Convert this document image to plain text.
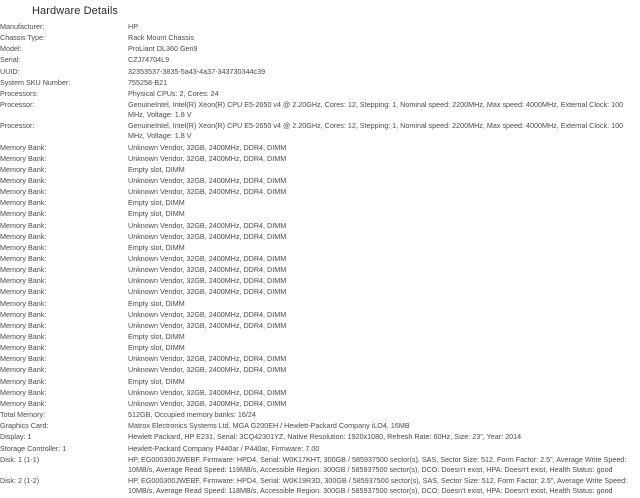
Hardware Details
Manufacturer:	HP
Chassis Type:	Rack Mount Chassis
Model:	ProLiant DL360 Gen9
Serial:	CZJ74704L9
UUID:	32353537-3835-5a43-4a37-343730344c39
System SKU Number:	755258-B21
Processors:	Physical CPUs: 2, Cores: 24
Processor:	GenuineIntel, Intel(R) Xeon(R) CPU E5-2650 v4 @ 2.20GHz, Cores: 12, Stepping: 1, Nominal speed: 2200MHz, Max speed: 4000MHz, External Clock: 100 MHz, Voltage: 1.8 V
Processor:	GenuineIntel, Intel(R) Xeon(R) CPU E5-2650 v4 @ 2.20GHz, Cores: 12, Stepping: 1, Nominal speed: 2200MHz, Max speed: 4000MHz, External Clock: 100 MHz, Voltage: 1.8 V
Memory Bank:	Unknown Vendor, 32GB, 2400MHz, DDR4, DIMM
Memory Bank:	Unknown Vendor, 32GB, 2400MHz, DDR4, DIMM
Memory Bank:	Empty slot, DIMM
Memory Bank:	Unknown Vendor, 32GB, 2400MHz, DDR4, DIMM
Memory Bank:	Unknown Vendor, 32GB, 2400MHz, DDR4, DIMM
Memory Bank:	Empty slot, DIMM
Memory Bank:	Empty slot, DIMM
Memory Bank:	Unknown Vendor, 32GB, 2400MHz, DDR4, DIMM
Memory Bank:	Unknown Vendor, 32GB, 2400MHz, DDR4, DIMM
Memory Bank:	Empty slot, DIMM
Memory Bank:	Unknown Vendor, 32GB, 2400MHz, DDR4, DIMM
Memory Bank:	Unknown Vendor, 32GB, 2400MHz, DDR4, DIMM
Memory Bank:	Unknown Vendor, 32GB, 2400MHz, DDR4, DIMM
Memory Bank:	Unknown Vendor, 32GB, 2400MHz, DDR4, DIMM
Memory Bank:	Empty slot, DIMM
Memory Bank:	Unknown Vendor, 32GB, 2400MHz, DDR4, DIMM
Memory Bank:	Unknown Vendor, 32GB, 2400MHz, DDR4, DIMM
Memory Bank:	Empty slot, DIMM
Memory Bank:	Empty slot, DIMM
Memory Bank:	Unknown Vendor, 32GB, 2400MHz, DDR4, DIMM
Memory Bank:	Unknown Vendor, 32GB, 2400MHz, DDR4, DIMM
Memory Bank:	Empty slot, DIMM
Memory Bank:	Unknown Vendor, 32GB, 2400MHz, DDR4, DIMM
Memory Bank:	Unknown Vendor, 32GB, 2400MHz, DDR4, DIMM
Total Memory:	512GB, Occupied memory banks: 16/24
Graphics Card:	Matrox Electronics Systems Ltd. MGA G200EH / Hewlett-Packard Company iLO4, 16MB
Display: 1	Hewlett Packard, HP E231, Serial: 3CQ42301YZ, Native Resolution: 1920x1080, Refresh Rate: 60Hz, Size: 23", Year: 2014
Storage Controller: 1	Hewlett-Packard Company P440ar / P440ar, Firmware: 7.00
Disk: 1 (1-1)	HP, EG000300JWEBF, Firmware: HPD4, Serial: W0K17KHT, 300GB / 585937500 sector(s), SAS, Sector Size: 512, Form Factor: 2.5", Average Write Speed: 10MB/s, Average Read Speed: 119MB/s, Accessible Region: 300GB / 585937500 sector(s), DCO: Doesn't exist, HPA: Doesn't exist, Health Status: good
Disk: 2 (1-2)	HP, EG000300JWEBF, Firmware: HPD4, Serial: W0K19R3D, 300GB / 585937500 sector(s), SAS, Sector Size: 512, Form Factor: 2.5", Average Write Speed: 10MB/s, Average Read Speed: 118MB/s, Accessible Region: 300GB / 585937500 sector(s), DCO: Doesn't exist, HPA: Doesn't exist, Health Status: good
